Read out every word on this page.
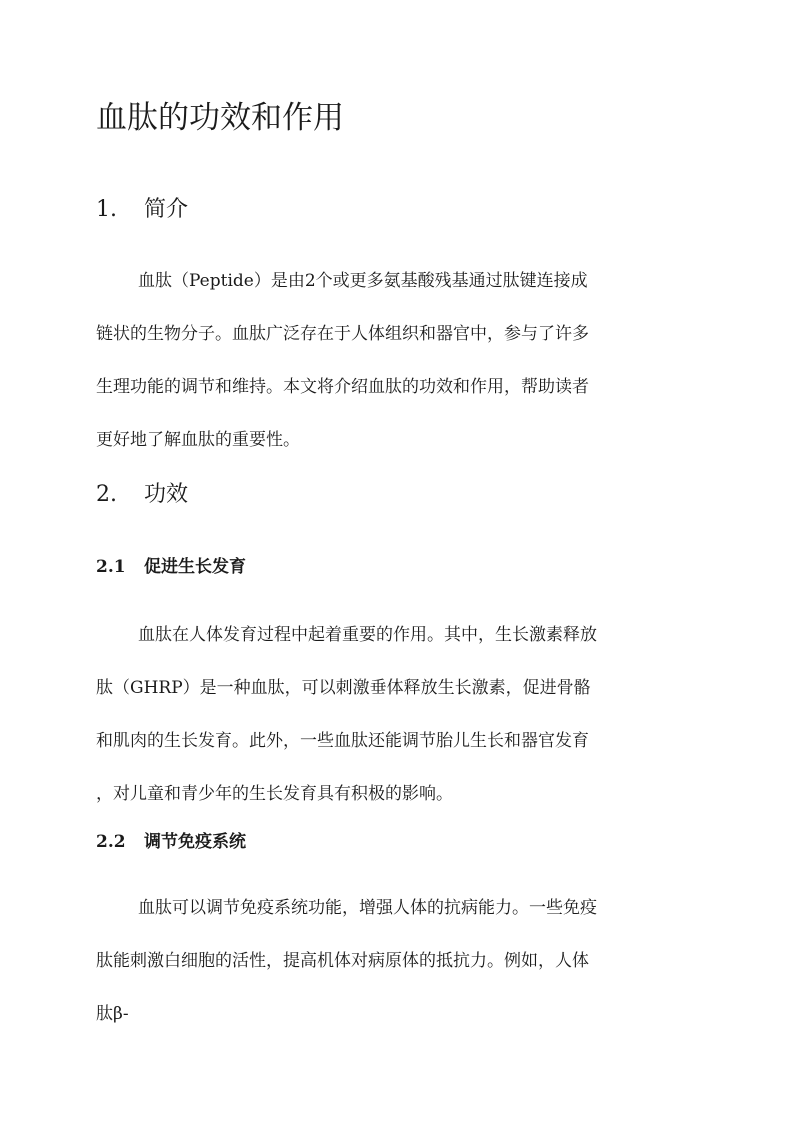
血肽的功效和作用
1. 简介
血肽（Peptide）是由2个或更多氨基酸残基通过肽键连接成
链状的生物分子。血肽广泛存在于人体组织和器官中，参与了许多
生理功能的调节和维持。本文将介绍血肽的功效和作用，帮助读者
更好地了解血肽的重要性。
2. 功效
2.1 促进生长发育
血肽在人体发育过程中起着重要的作用。其中，生长激素释放
肽（GHRP）是一种血肽，可以刺激垂体释放生长激素，促进骨骼
和肌肉的生长发育。此外，一些血肽还能调节胎儿生长和器官发育
，对儿童和青少年的生长发育具有积极的影响。
2.2 调节免疫系统
血肽可以调节免疫系统功能，增强人体的抗病能力。一些免疫
肽能刺激白细胞的活性，提高机体对病原体的抵抗力。例如，人体
肽β-
